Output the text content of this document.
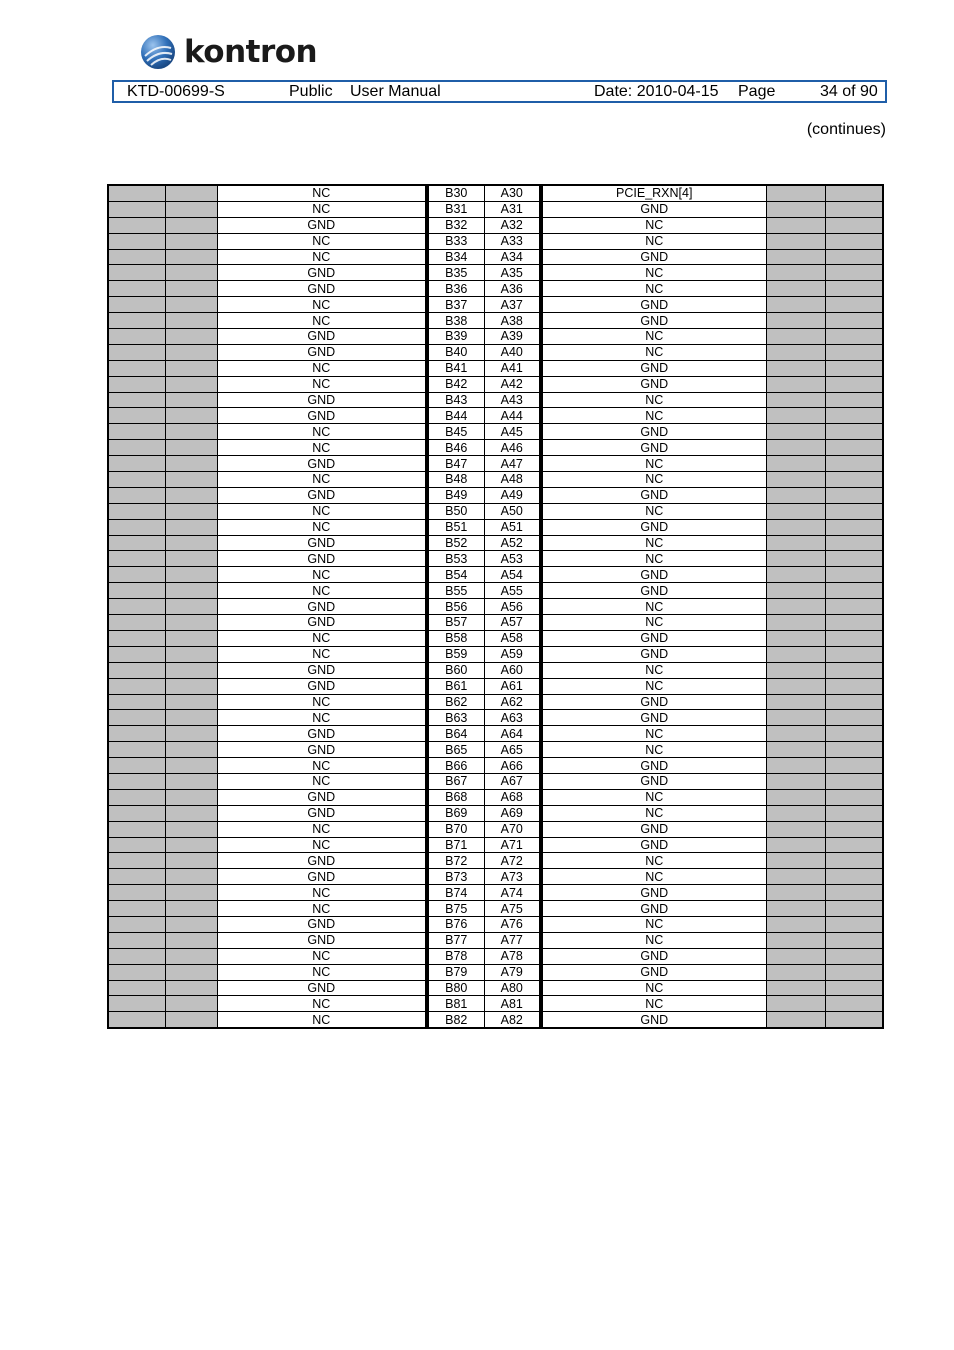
kontron
KTD-00699-S	Public User Manual	Date: 2010-04-15 Page	34 of 90
(continues)
		NC	B30	A30	PCIE_RXN[4]		
		NC	B31	A31	GND		
		GND	B32	A32	NC		
		NC	B33	A33	NC		
		NC	B34	A34	GND		
		GND	B35	A35	NC		
		GND	B36	A36	NC		
		NC	B37	A37	GND		
		NC	B38	A38	GND		
		GND	B39	A39	NC		
		GND	B40	A40	NC		
		NC	B41	A41	GND		
		NC	B42	A42	GND		
		GND	B43	A43	NC		
		GND	B44	A44	NC		
		NC	B45	A45	GND		
		NC	B46	A46	GND		
		GND	B47	A47	NC		
		NC	B48	A48	NC		
		GND	B49	A49	GND		
		NC	B50	A50	NC		
		NC	B51	A51	GND		
		GND	B52	A52	NC		
		GND	B53	A53	NC		
		NC	B54	A54	GND		
		NC	B55	A55	GND		
		GND	B56	A56	NC		
		GND	B57	A57	NC		
		NC	B58	A58	GND		
		NC	B59	A59	GND		
		GND	B60	A60	NC		
		GND	B61	A61	NC		
		NC	B62	A62	GND		
		NC	B63	A63	GND		
		GND	B64	A64	NC		
		GND	B65	A65	NC		
		NC	B66	A66	GND		
		NC	B67	A67	GND		
		GND	B68	A68	NC		
		GND	B69	A69	NC		
		NC	B70	A70	GND		
		NC	B71	A71	GND		
		GND	B72	A72	NC		
		GND	B73	A73	NC		
		NC	B74	A74	GND		
		NC	B75	A75	GND		
		GND	B76	A76	NC		
		GND	B77	A77	NC		
		NC	B78	A78	GND		
		NC	B79	A79	GND		
		GND	B80	A80	NC		
		NC	B81	A81	NC		
		NC	B82	A82	GND		
